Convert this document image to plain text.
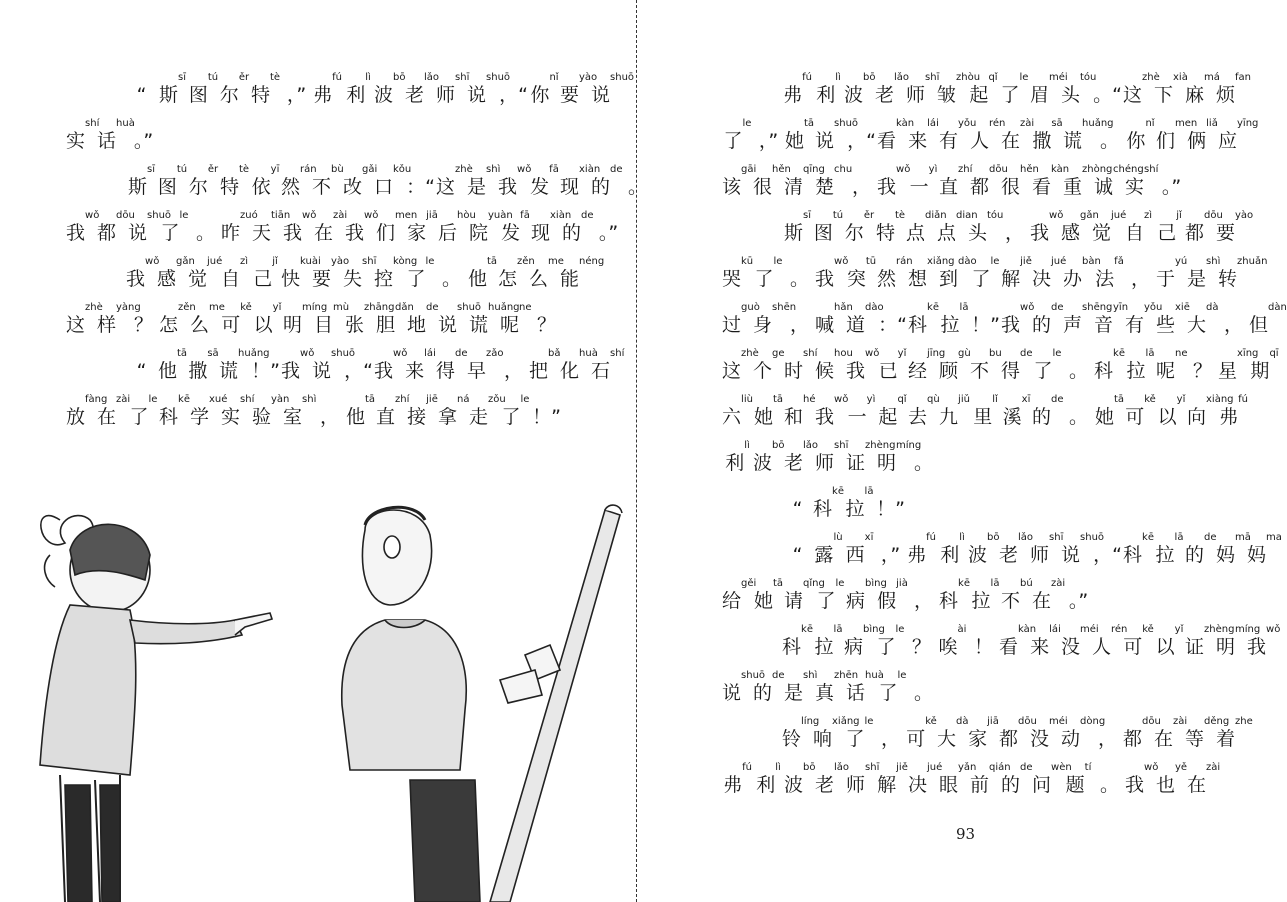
“ 斯sī
图tú
尔ěr
特tè
，” 弗fú
利lì
波bō
老lǎo
师shī
说shuō
，“ 你nǐ
要yào
说shuō
实shí
话huà
。”
斯sī
图tú
尔ěr
特tè
依yī
然rán
不bù
改gǎi
口kǒu
：“ 这zhè
是shì
我wǒ
发fā
现xiàn
的de
。
我wǒ
都dōu
说shuō
了le
。 昨zuó
天tiān
我wǒ
在zài
我wǒ
们men
家jiā
后hòu
院yuàn
发fā
现xiàn
的de
。”
我wǒ
感gǎn
觉jué
自zì
己jǐ
快kuài
要yào
失shī
控kòng
了le
。 他tā
怎zěn
么me
能néng
这zhè
样yàng
？ 怎zěn
么me
可kě
以yǐ
明míng
目mù
张zhāng
胆dǎn
地de
说shuō
谎huǎng
呢ne
？
“ 他tā
撒sā
谎huǎng
！” 我wǒ
说shuō
，“ 我wǒ
来lái
得de
早zǎo
， 把bǎ
化huà
石shí
放fàng
在zài
了le
科kē
学xué
实shí
验yàn
室shì
， 他tā
直zhí
接jiē
拿ná
走zǒu
了le
！”
弗fú
利lì
波bō
老lǎo
师shī
皱zhòu
起qǐ
了le
眉méi
头tóu
。“ 这zhè
下xià
麻má
烦fan
了le
，” 她tā
说shuō
，“ 看kàn
来lái
有yǒu
人rén
在zài
撒sā
谎huǎng
。 你nǐ
们men
俩liǎ
应yīng
该gāi
很hěn
清qīng
楚chu
， 我wǒ
一yì
直zhí
都dōu
很hěn
看kàn
重zhòng
诚chéng
实shí
。”
斯sī
图tú
尔ěr
特tè
点diǎn
点dian
头tóu
， 我wǒ
感gǎn
觉jué
自zì
己jǐ
都dōu
要yào
哭kū
了le
。 我wǒ
突tū
然rán
想xiǎng
到dào
了le
解jiě
决jué
办bàn
法fǎ
， 于yú
是shì
转zhuǎn
过guò
身shēn
， 喊hǎn
道dào
：“ 科kē
拉lā
！” 我wǒ
的de
声shēng
音yīn
有yǒu
些xiē
大dà
， 但dàn
这zhè
个ge
时shí
候hou
我wǒ
已yǐ
经jīng
顾gù
不bu
得de
了le
。 科kē
拉lā
呢ne
？ 星xīng
期qī
六liù
她tā
和hé
我wǒ
一yì
起qǐ
去qù
九jiǔ
里lǐ
溪xī
的de
。 她tā
可kě
以yǐ
向xiàng
弗fú
利lì
波bō
老lǎo
师shī
证zhèng
明míng
。
“ 科kē
拉lā
！”
“ 露lù
西xī
，” 弗fú
利lì
波bō
老lǎo
师shī
说shuō
，“ 科kē
拉lā
的de
妈mā
妈ma
给gěi
她tā
请qǐng
了le
病bìng
假jià
， 科kē
拉lā
不bú
在zài
。”
科kē
拉lā
病bìng
了le
？ 唉ài
！ 看kàn
来lái
没méi
人rén
可kě
以yǐ
证zhèng
明míng
我wǒ
说shuō
的de
是shì
真zhēn
话huà
了le
。
铃líng
响xiǎng
了le
， 可kě
大dà
家jiā
都dōu
没méi
动dòng
， 都dōu
在zài
等děng
着zhe
弗fú
利lì
波bō
老lǎo
师shī
解jiě
决jué
眼yǎn
前qián
的de
问wèn
题tí
。 我wǒ
也yě
在zài
93
